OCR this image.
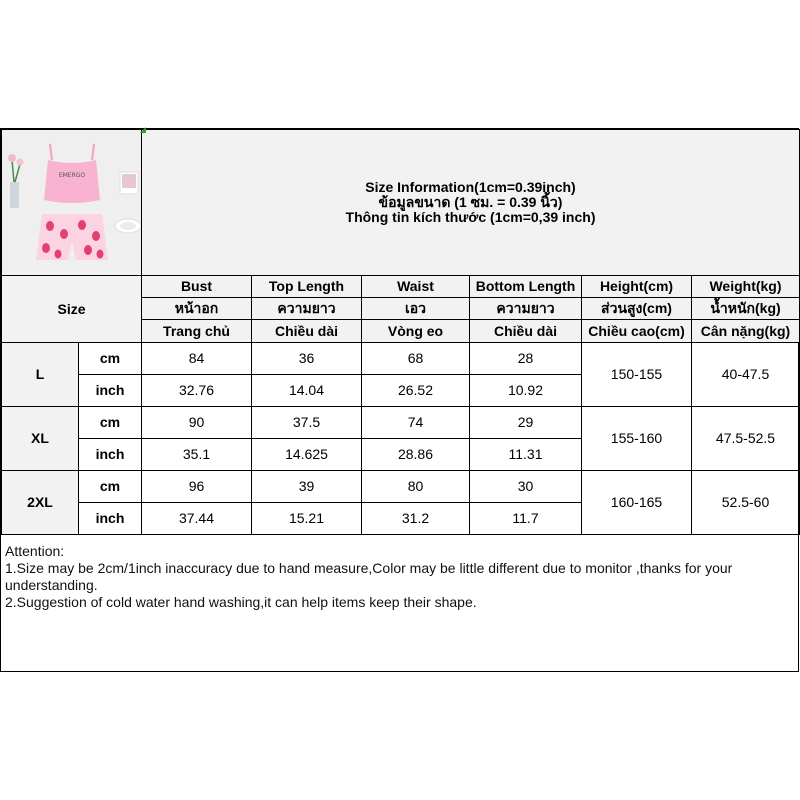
EMERGO		Size Information(1cm=0.39inch)
ข้อมูลขนาด (1 ซม. = 0.39 นิ้ว)
Thông tin kích thước (1cm=0,39 inch)					

Size		Bust	Top Length	Waist	Bottom Length	Height(cm)	Weight(kg)
		หน้าอก	ความยาว	เอว	ความยาว	ส่วนสูง(cm)	น้ำหนัก(kg)
		Trang chủ	Chiều dài	Vòng eo	Chiều dài	Chiều cao(cm)	Cân nặng(kg)
L	cm	84	36	68	28	150-155	40-47.5
	inch	32.76	14.04	26.52	10.92		
XL	cm	90	37.5	74	29	155-160	47.5-52.5
	inch	35.1	14.625	28.86	11.31		
2XL	cm	96	39	80	30	160-165	52.5-60
	inch	37.44	15.21	31.2	11.7		
Attention:
1.Size may be 2cm/1inch inaccuracy due to hand measure,Color may be little different due to monitor ,thanks for your understanding.
2.Suggestion of cold water hand washing,it can help items keep their shape.
